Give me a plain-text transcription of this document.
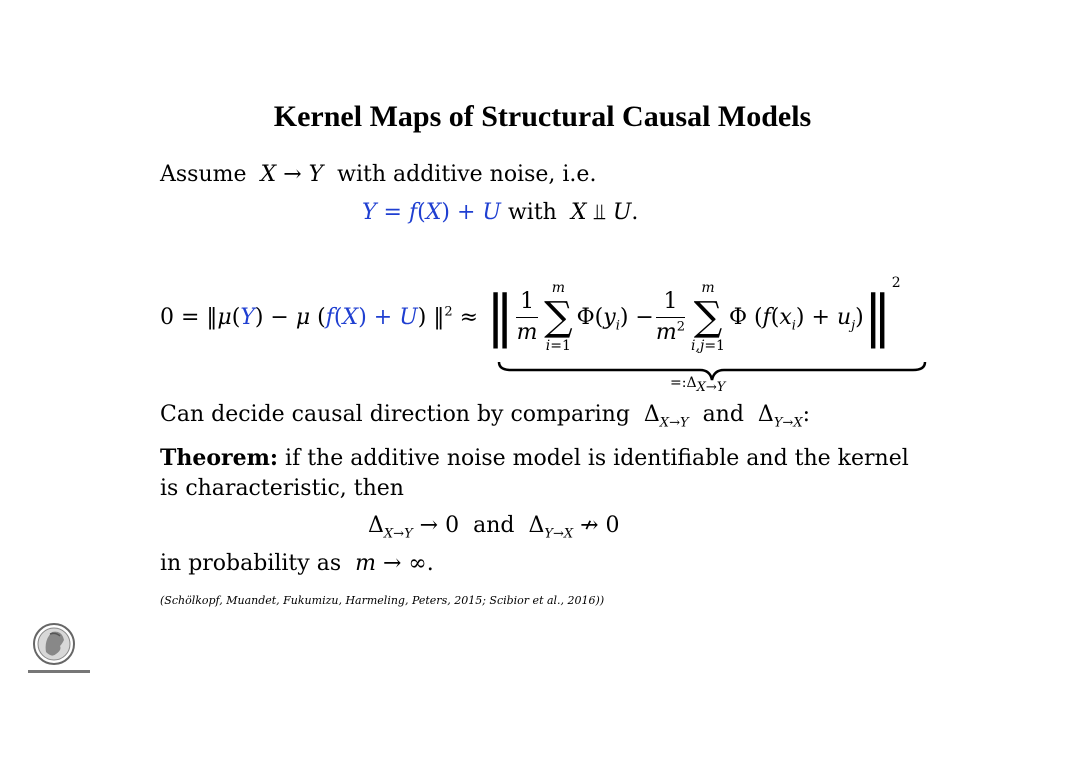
Kernel Maps of Structural Causal Models
Assume  X → Y  with additive noise, i.e.
Y = f(X) + U with  X ⫫ U.
0 = ‖μ(Y) − μ (f(X) + U) ‖$^2$ ≈ ‖ $\frac{1}{m}$ m
∑
i=1
$\Phi(y_i) - \frac{1}{m^2}$	m
∑
i,j=1
Φ $(f(x_i) + u_j)$ ‖
2
$=:\Delta_{X\to Y}$
Can decide causal direction by comparing  $\Delta_{X\to Y}$ and  $\Delta_{Y\to X}$:
Theorem: if the additive noise model is identifiable and the kernel
is characteristic, then
$\Delta_{X\to Y} \to 0$  and  $\Delta_{Y\to X}$ ↛ 0
in probability as  m → ∞.
(Schölkopf, Muandet, Fukumizu, Harmeling, Peters, 2015; Scibior et al., 2016))
